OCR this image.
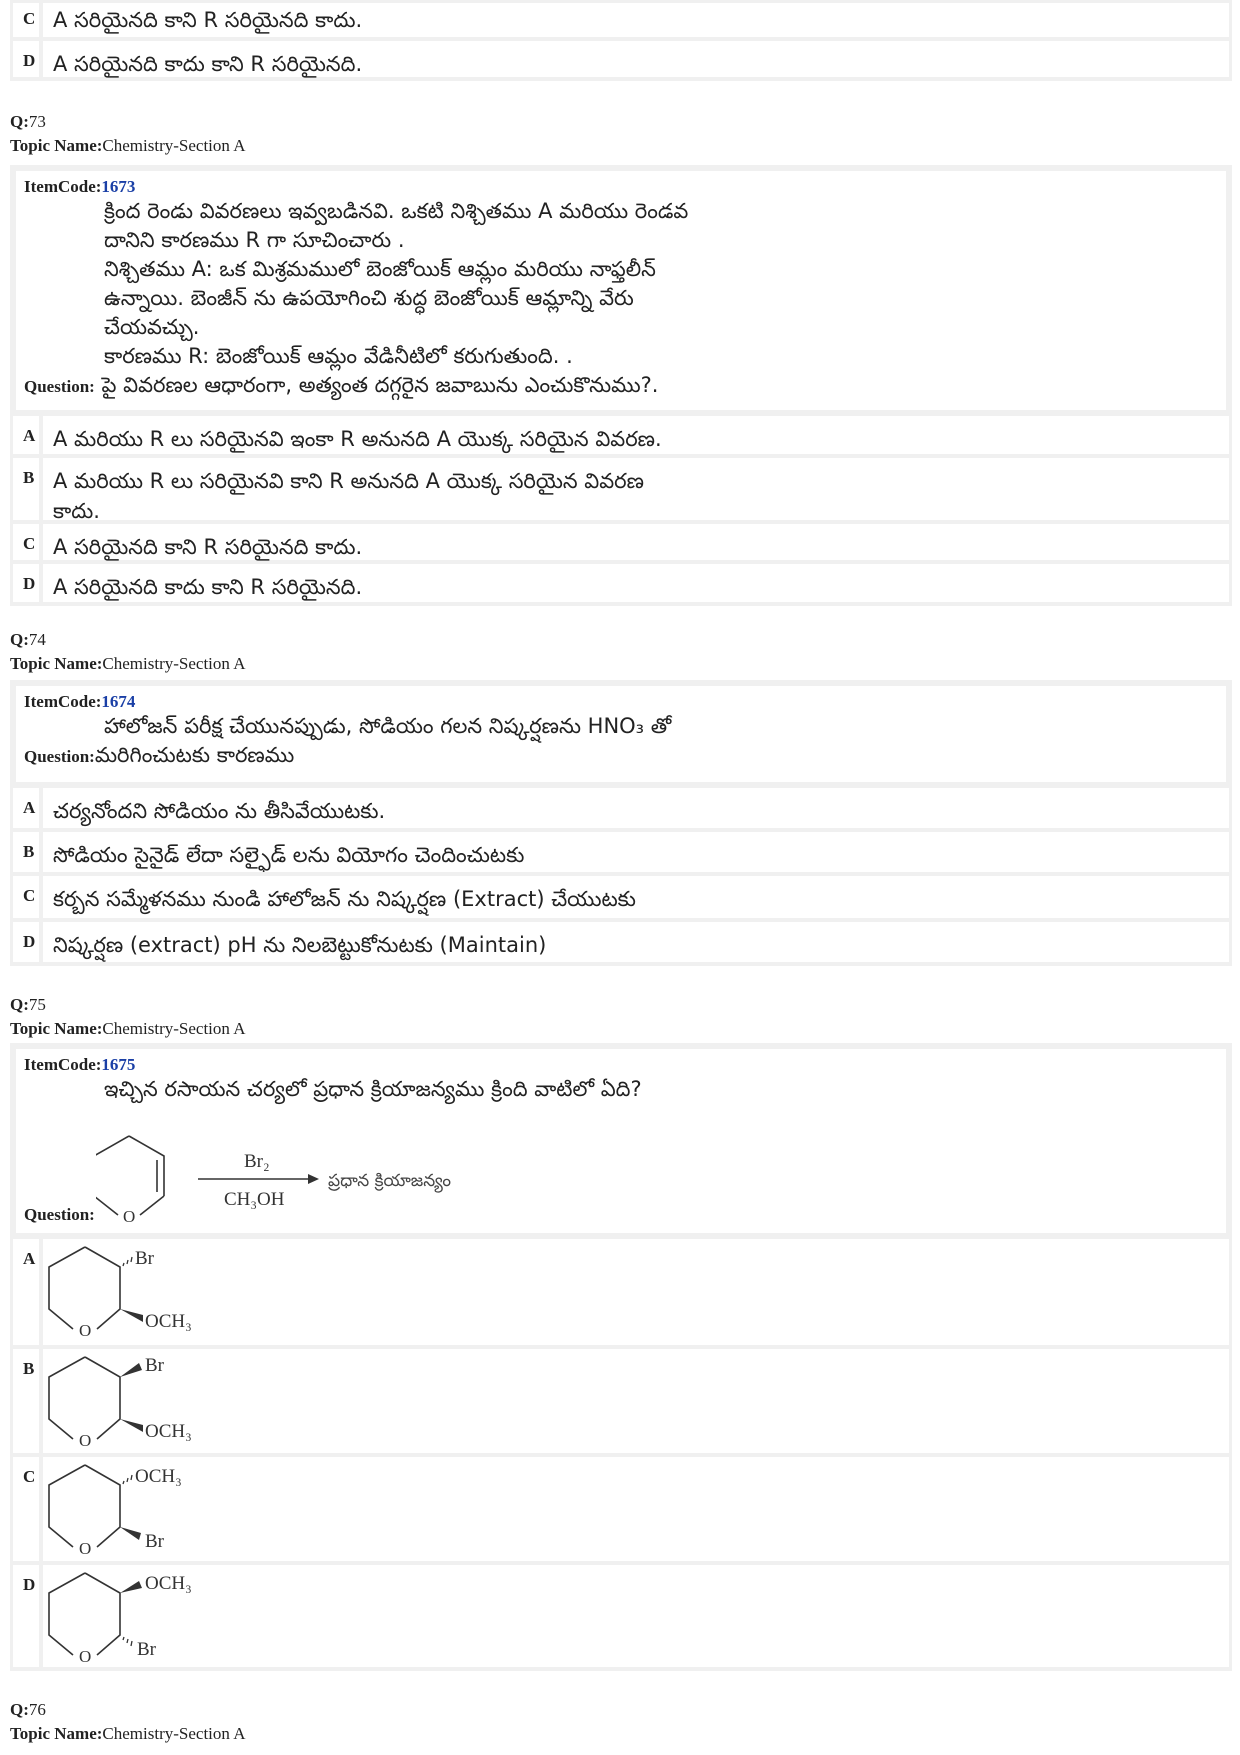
C A సరియైనది కాని R సరియైనది కాదు.
D A సరియైనది కాదు కాని R సరియైనది.
Q:73
Topic Name:Chemistry-Section A
ItemCode:1673
క్రింద రెండు వివరణలు ఇవ్వబడినవి. ఒకటి నిశ్చితము A మరియు రెండవ
దానిని కారణము R గా సూచించారు .
నిశ్చితము A: ఒక మిశ్రమములో బెంజోయిక్ ఆమ్లం మరియు నాఫ్తలీన్
ఉన్నాయి. బెంజీన్ ను ఉపయోగించి శుద్ధ బెంజోయిక్ ఆమ్లాన్ని వేరు
చేయవచ్చు.
కారణము R: బెంజోయిక్ ఆమ్లం వేడినీటిలో కరుగుతుంది. .
Question: పై వివరణల ఆధారంగా, అత్యంత దగ్గరైన జవాబును ఎంచుకొనుము?.
A A మరియు R లు సరియైనవి ఇంకా R అనునది A యొక్క సరియైన వివరణ.
B A మరియు R లు సరియైనవి కాని R అనునది A యొక్క సరియైన వివరణ
కాదు.
C A సరియైనది కాని R సరియైనది కాదు.
D A సరియైనది కాదు కాని R సరియైనది.
Q:74
Topic Name:Chemistry-Section A
ItemCode:1674
హాలోజన్ పరీక్ష చేయునప్పుడు, సోడియం గలన నిష్కర్షణను HNO₃ తో
Question:మరిగించుటకు కారణము
A చర్యనోందని సోడియం ను తీసివేయుటకు.
B సోడియం సైనైడ్ లేదా సల్ఫైడ్ లను వియోగం చెందించుటకు
C కర్బన సమ్మేళనము నుండి హాలోజన్ ను నిష్కర్షణ (Extract) చేయుటకు
D నిష్కర్షణ (extract) pH ను నిలబెట్టుకోనుటకు (Maintain)
Q:75
Topic Name:Chemistry-Section A
ItemCode:1675
ఇచ్చిన రసాయన చర్యలో ప్రధాన క్రియాజన్యము క్రింది వాటిలో ఏది?
Question: O
Br₂
CH₃OH
ప్రధాన క్రియాజన్యం
A	Br
OCH₃
O
B	Br
OCH₃
O
C	OCH₃
Br
O
D	OCH₃
Br
O
Q:76
Topic Name:Chemistry-Section A
